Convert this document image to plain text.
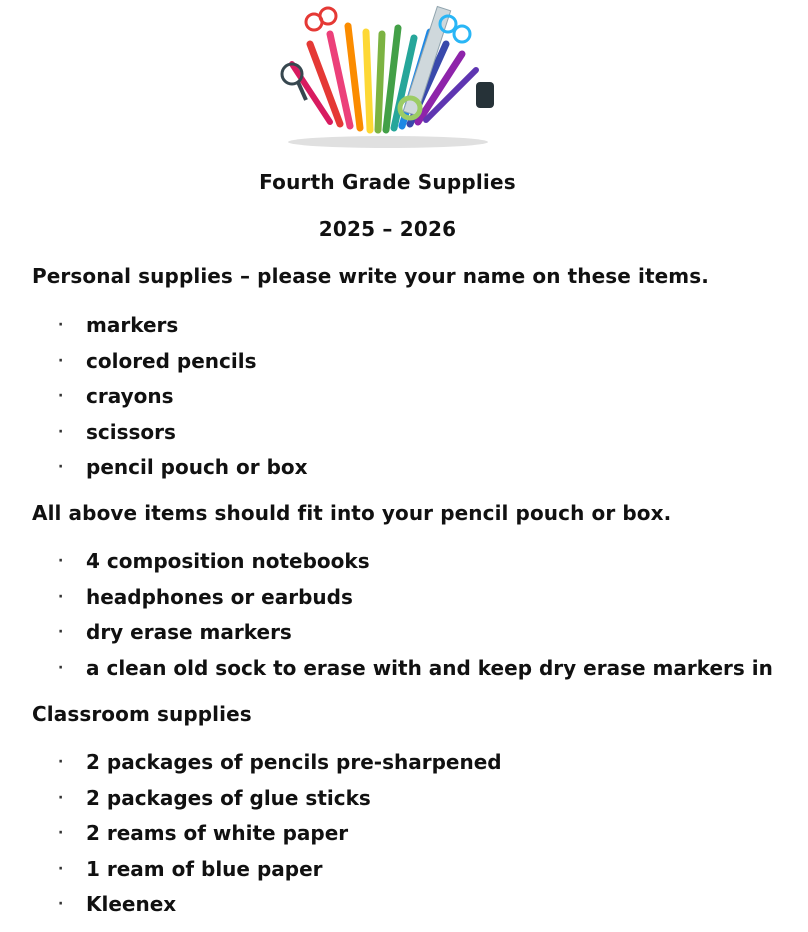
Fourth Grade Supplies
2025 – 2026
Personal supplies – please write your name on these items.
·	markers
·	colored pencils
·	crayons
·	scissors
·	pencil pouch or box
All above items should fit into your pencil pouch or box.
·	4 composition notebooks
·	headphones or earbuds
·	dry erase markers
·	a clean old sock to erase with and keep dry erase markers in
Classroom supplies
·	2 packages of pencils pre-sharpened
·	2 packages of glue sticks
·	2 reams of white paper
·	1 ream of blue paper
·	Kleenex
